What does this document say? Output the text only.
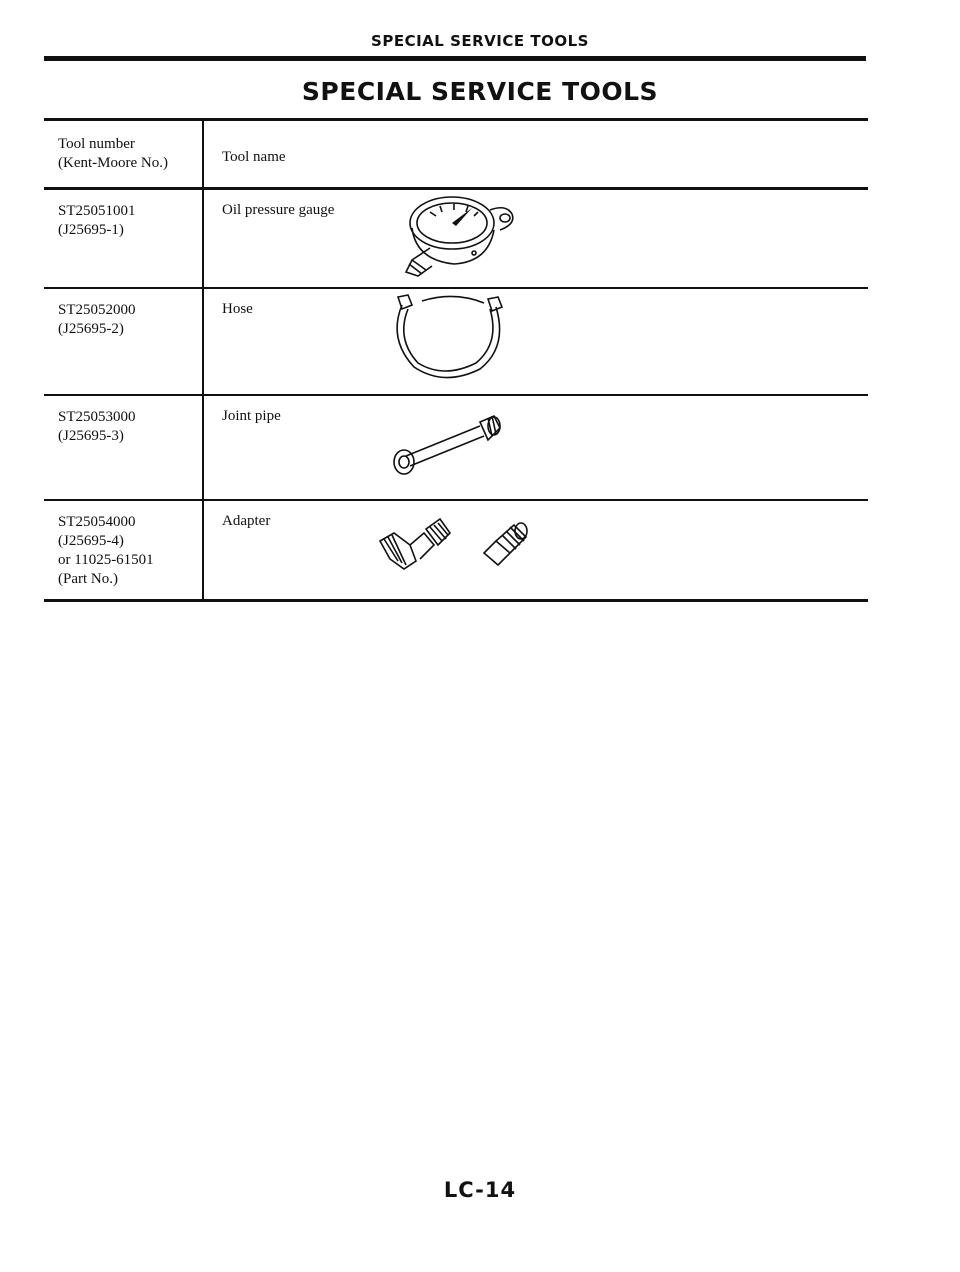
SPECIAL SERVICE TOOLS
SPECIAL SERVICE TOOLS
Tool number
(Kent-Moore No.)	Tool name
ST25051001
(J25695-1)
Oil pressure gauge
ST25052000
(J25695-2)
Hose
ST25053000
(J25695-3)
Joint pipe
ST25054000
(J25695-4)
or 11025-61501
(Part No.)
Adapter
LC-14
